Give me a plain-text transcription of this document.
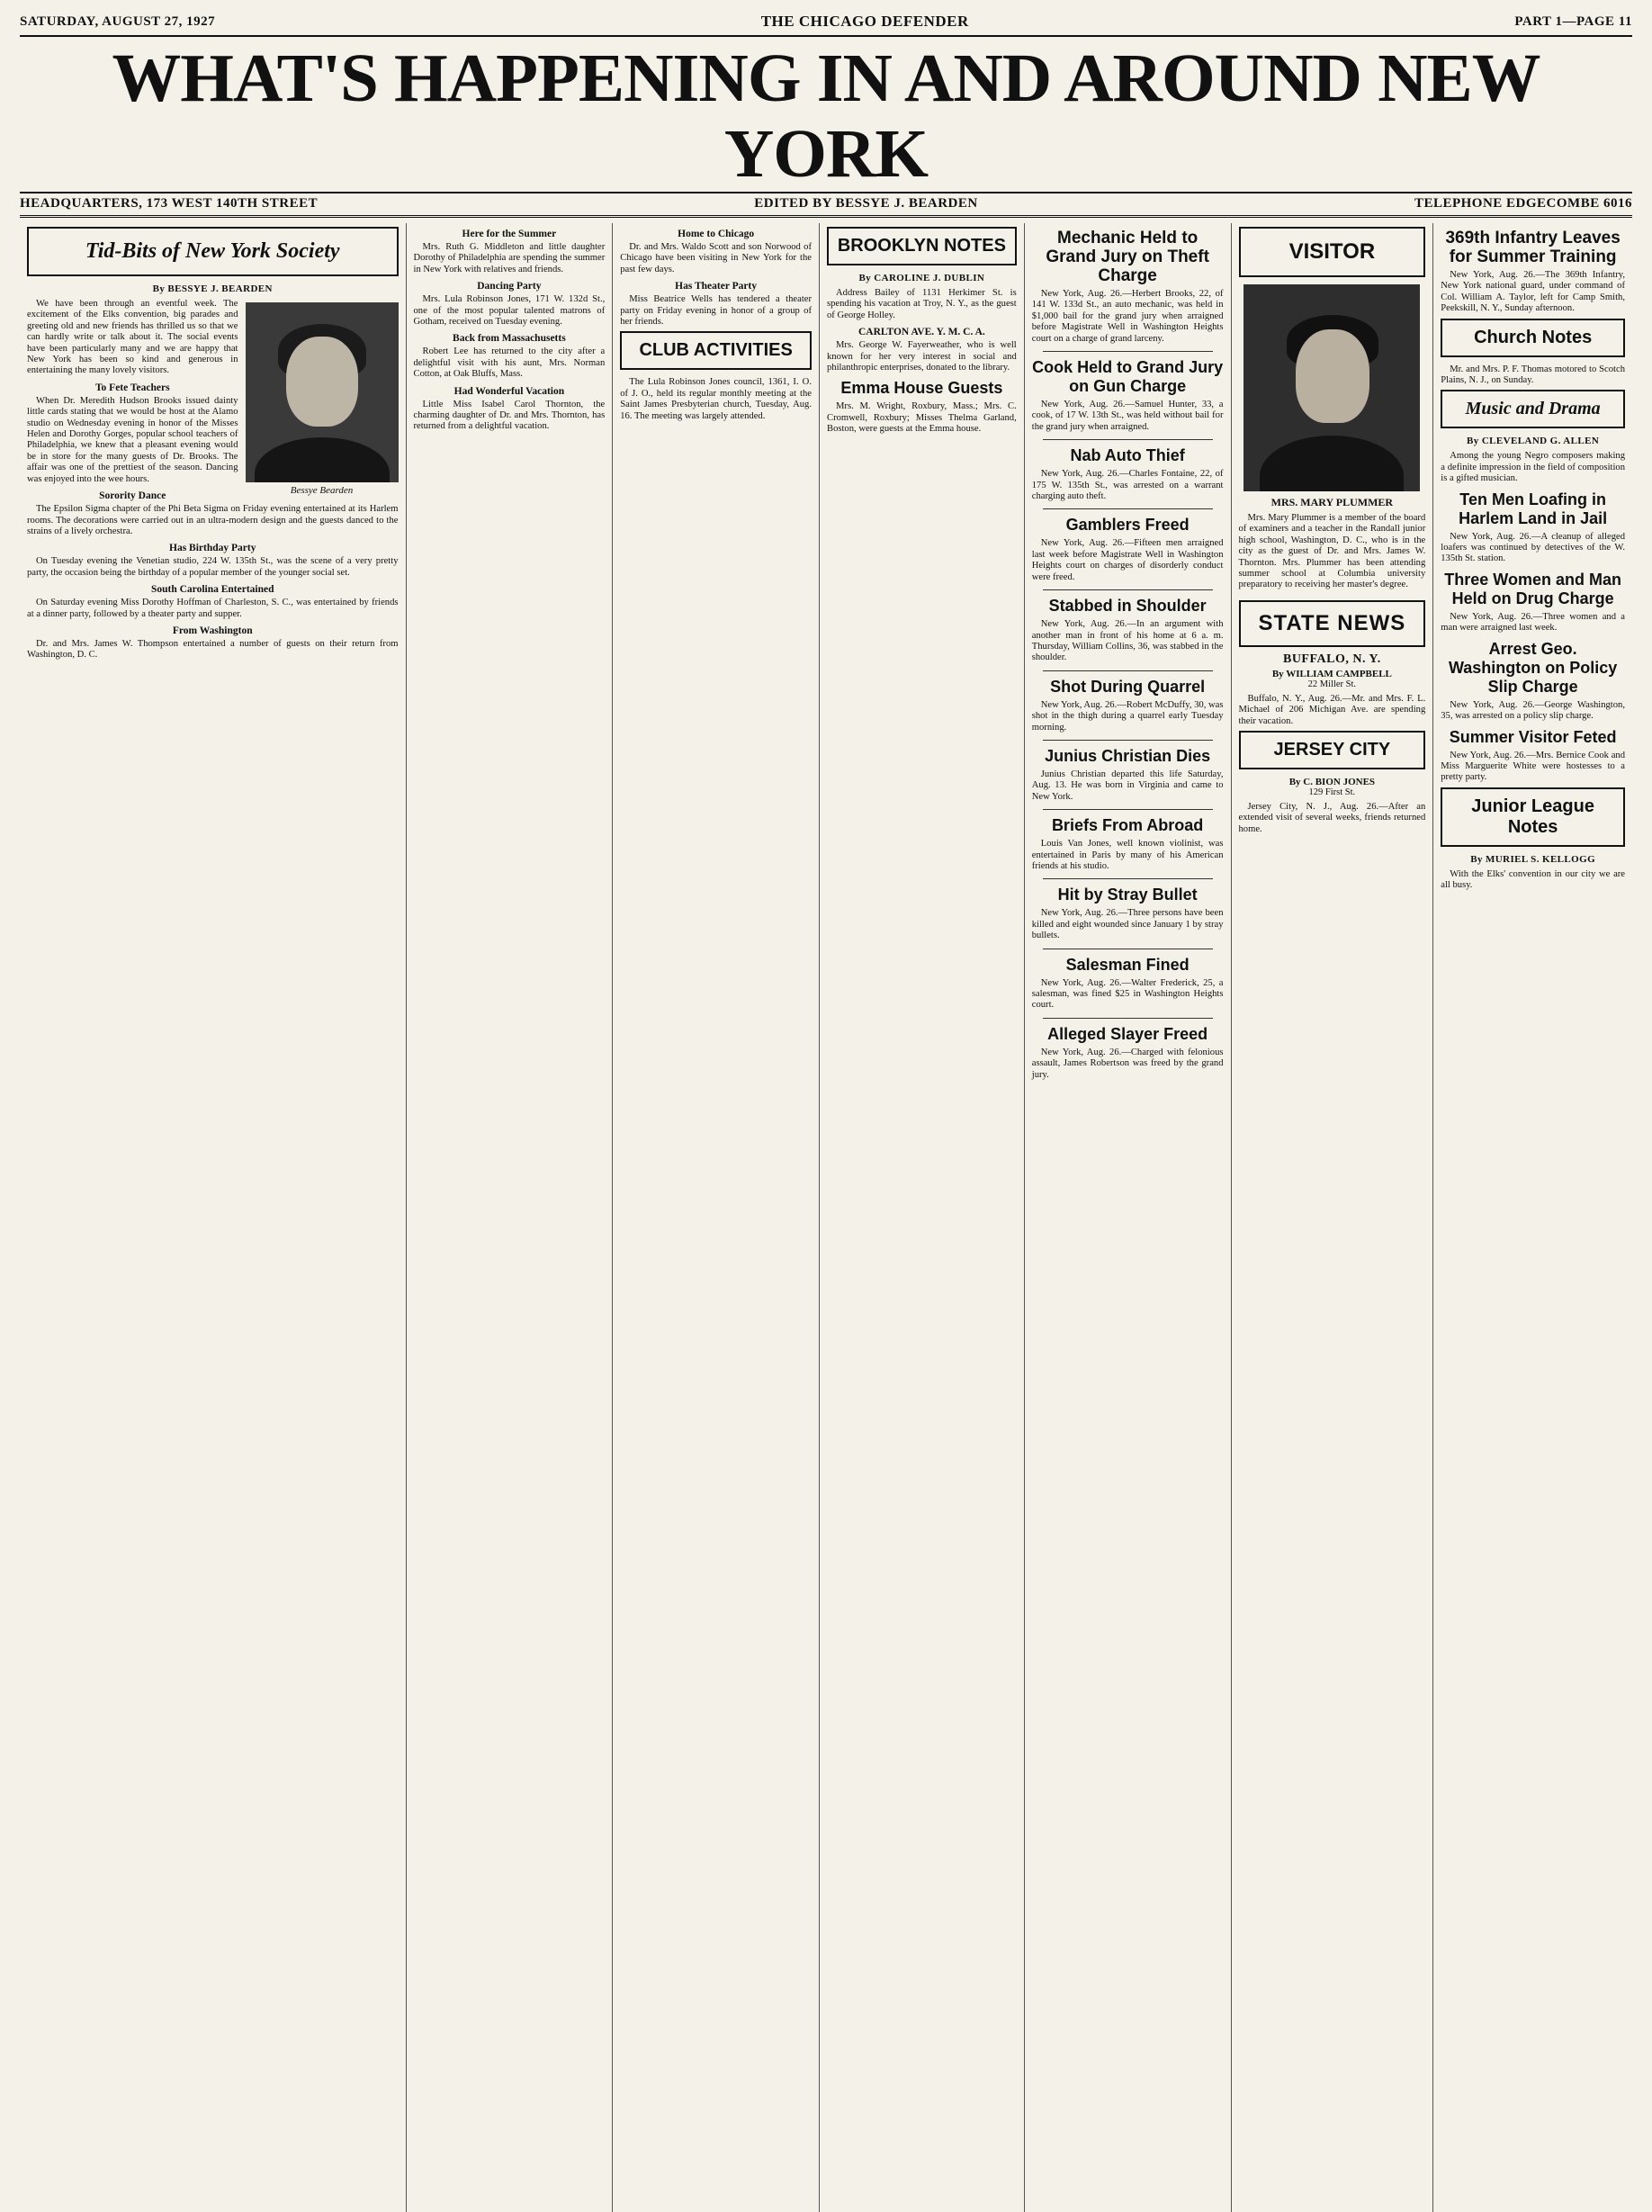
SATURDAY, AUGUST 27, 1927	THE CHICAGO DEFENDER	PART 1—PAGE 11
WHAT'S HAPPENING IN AND AROUND NEW YORK
HEADQUARTERS, 173 WEST 140TH STREET	EDITED BY BESSYE J. BEARDEN	TELEPHONE EDGECOMBE 6016
Tid-Bits of New York Society
By BESSYE J. BEARDEN
Bessye Bearden

We have been through an eventful week. The excitement of the Elks convention, big parades and greeting old and new friends has thrilled us so that we can hardly write or talk about it. The social events have been particularly many and we are happy that New York has been so kind and generous in entertaining the many lovely visitors.

To Fete Teachers

When Dr. Meredith Hudson Brooks issued dainty little cards stating that we would be host at the Alamo studio on Wednesday evening in honor of the Misses Helen and Dorothy Gorges, popular school teachers of Philadelphia, we knew that a pleasant evening would be in store for the many guests of Dr. Brooks. The affair was one of the prettiest of the season. Dancing was enjoyed into the wee hours.

Sorority Dance

The Epsilon Sigma chapter of the Phi Beta Sigma on Friday evening entertained at its Harlem rooms. The decorations were carried out in an ultra-modern design and the guests danced to the strains of a lively orchestra.

Has Birthday Party

On Tuesday evening the Venetian studio, 224 W. 135th St., was the scene of a very pretty party, the occasion being the birthday of a popular member of the younger social set.

South Carolina Entertained

On Saturday evening Miss Dorothy Hoffman of Charleston, S. C., was entertained by friends at a dinner party, followed by a theater party and supper.

From Washington

Dr. and Mrs. James W. Thompson entertained a number of guests on their return from Washington, D. C.

Here for the Summer

Mrs. Ruth G. Middleton and little daughter Dorothy of Philadelphia are spending the summer in New York with relatives and friends.

Dancing Party

Mrs. Lula Robinson Jones, 171 W. 132d St., one of the most popular talented matrons of Gotham, received on Tuesday evening.

Back from Massachusetts

Robert Lee has returned to the city after a delightful visit with his aunt, Mrs. Norman Cotton, at Oak Bluffs, Mass.

Had Wonderful Vacation

Little Miss Isabel Carol Thornton, the charming daughter of Dr. and Mrs. Thornton, has returned from a delightful vacation.

Home to Chicago

Dr. and Mrs. Waldo Scott and son Norwood of Chicago have been visiting in New York for the past few days.

Has Theater Party

Miss Beatrice Wells has tendered a theater party on Friday evening in honor of a group of her friends.

CLUB ACTIVITIES

The Lula Robinson Jones council, 1361, I. O. of J. O., held its regular monthly meeting at the Saint James Presbyterian church, Tuesday, Aug. 16. The meeting was largely attended.

BROOKLYN NOTES
By CAROLINE J. DUBLIN

Address Bailey of 1131 Herkimer St. is spending his vacation at Troy, N. Y., as the guest of George Holley.

CARLTON AVE. Y. M. C. A.

Mrs. George W. Fayerweather, who is well known for her very interest in social and philanthropic enterprises, donated to the library.

Emma House Guests

Mrs. M. Wright, Roxbury, Mass.; Mrs. C. Cromwell, Roxbury; Misses Thelma Garland, Boston, were guests at the Emma house.

Mechanic Held to Grand Jury on Theft Charge

New York, Aug. 26.—Herbert Brooks, 22, of 141 W. 133d St., an auto mechanic, was held in $1,000 bail for the grand jury when arraigned before Magistrate Well in Washington Heights court on a charge of grand larceny.

Cook Held to Grand Jury on Gun Charge

New York, Aug. 26.—Samuel Hunter, 33, a cook, of 17 W. 13th St., was held without bail for the grand jury when arraigned.

Nab Auto Thief

New York, Aug. 26.—Charles Fontaine, 22, of 175 W. 135th St., was arrested on a warrant charging auto theft.

Gamblers Freed

New York, Aug. 26.—Fifteen men arraigned last week before Magistrate Well in Washington Heights court on charges of disorderly conduct were freed.

Stabbed in Shoulder

New York, Aug. 26.—In an argument with another man in front of his home at 6 a. m. Thursday, William Collins, 36, was stabbed in the shoulder.

Shot During Quarrel

New York, Aug. 26.—Robert McDuffy, 30, was shot in the thigh during a quarrel early Tuesday morning.

Junius Christian Dies

Junius Christian departed this life Saturday, Aug. 13. He was born in Virginia and came to New York.

Briefs From Abroad

Louis Van Jones, well known violinist, was entertained in Paris by many of his American friends at his studio.

Hit by Stray Bullet

New York, Aug. 26.—Three persons have been killed and eight wounded since January 1 by stray bullets.

Salesman Fined

New York, Aug. 26.—Walter Frederick, 25, a salesman, was fined $25 in Washington Heights court.

Alleged Slayer Freed

New York, Aug. 26.—Charged with felonious assault, James Robertson was freed by the grand jury.

VISITOR
MRS. MARY PLUMMER

Mrs. Mary Plummer is a member of the board of examiners and a teacher in the Randall junior high school, Washington, D. C., who is in the city as the guest of Dr. and Mrs. James W. Thornton. Mrs. Plummer has been attending summer school at Columbia university preparatory to receiving her master's degree.

STATE NEWS
BUFFALO, N. Y.
By WILLIAM CAMPBELL
22 Miller St.

Buffalo, N. Y., Aug. 26.—Mr. and Mrs. F. L. Michael of 206 Michigan Ave. are spending their vacation.

JERSEY CITY
By C. BION JONES
129 First St.

Jersey City, N. J., Aug. 26.—After an extended visit of several weeks, friends returned home.

369th Infantry Leaves for Summer Training

New York, Aug. 26.—The 369th Infantry, New York national guard, under command of Col. William A. Taylor, left for Camp Smith, Peekskill, N. Y., Sunday afternoon.

Church Notes

Mr. and Mrs. P. F. Thomas motored to Scotch Plains, N. J., on Sunday.

Music and Drama
By CLEVELAND G. ALLEN

Among the young Negro composers making a definite impression in the field of composition is a gifted musician.

Ten Men Loafing in Harlem Land in Jail

New York, Aug. 26.—A cleanup of alleged loafers was continued by detectives of the W. 135th St. station.

Three Women and Man Held on Drug Charge

New York, Aug. 26.—Three women and a man were arraigned last week.

Arrest Geo. Washington on Policy Slip Charge

New York, Aug. 26.—George Washington, 35, was arrested on a policy slip charge.

Summer Visitor Feted

New York, Aug. 26.—Mrs. Bernice Cook and Miss Marguerite White were hostesses to a pretty party.

Junior League Notes
By MURIEL S. KELLOGG

With the Elks' convention in our city we are all busy.
